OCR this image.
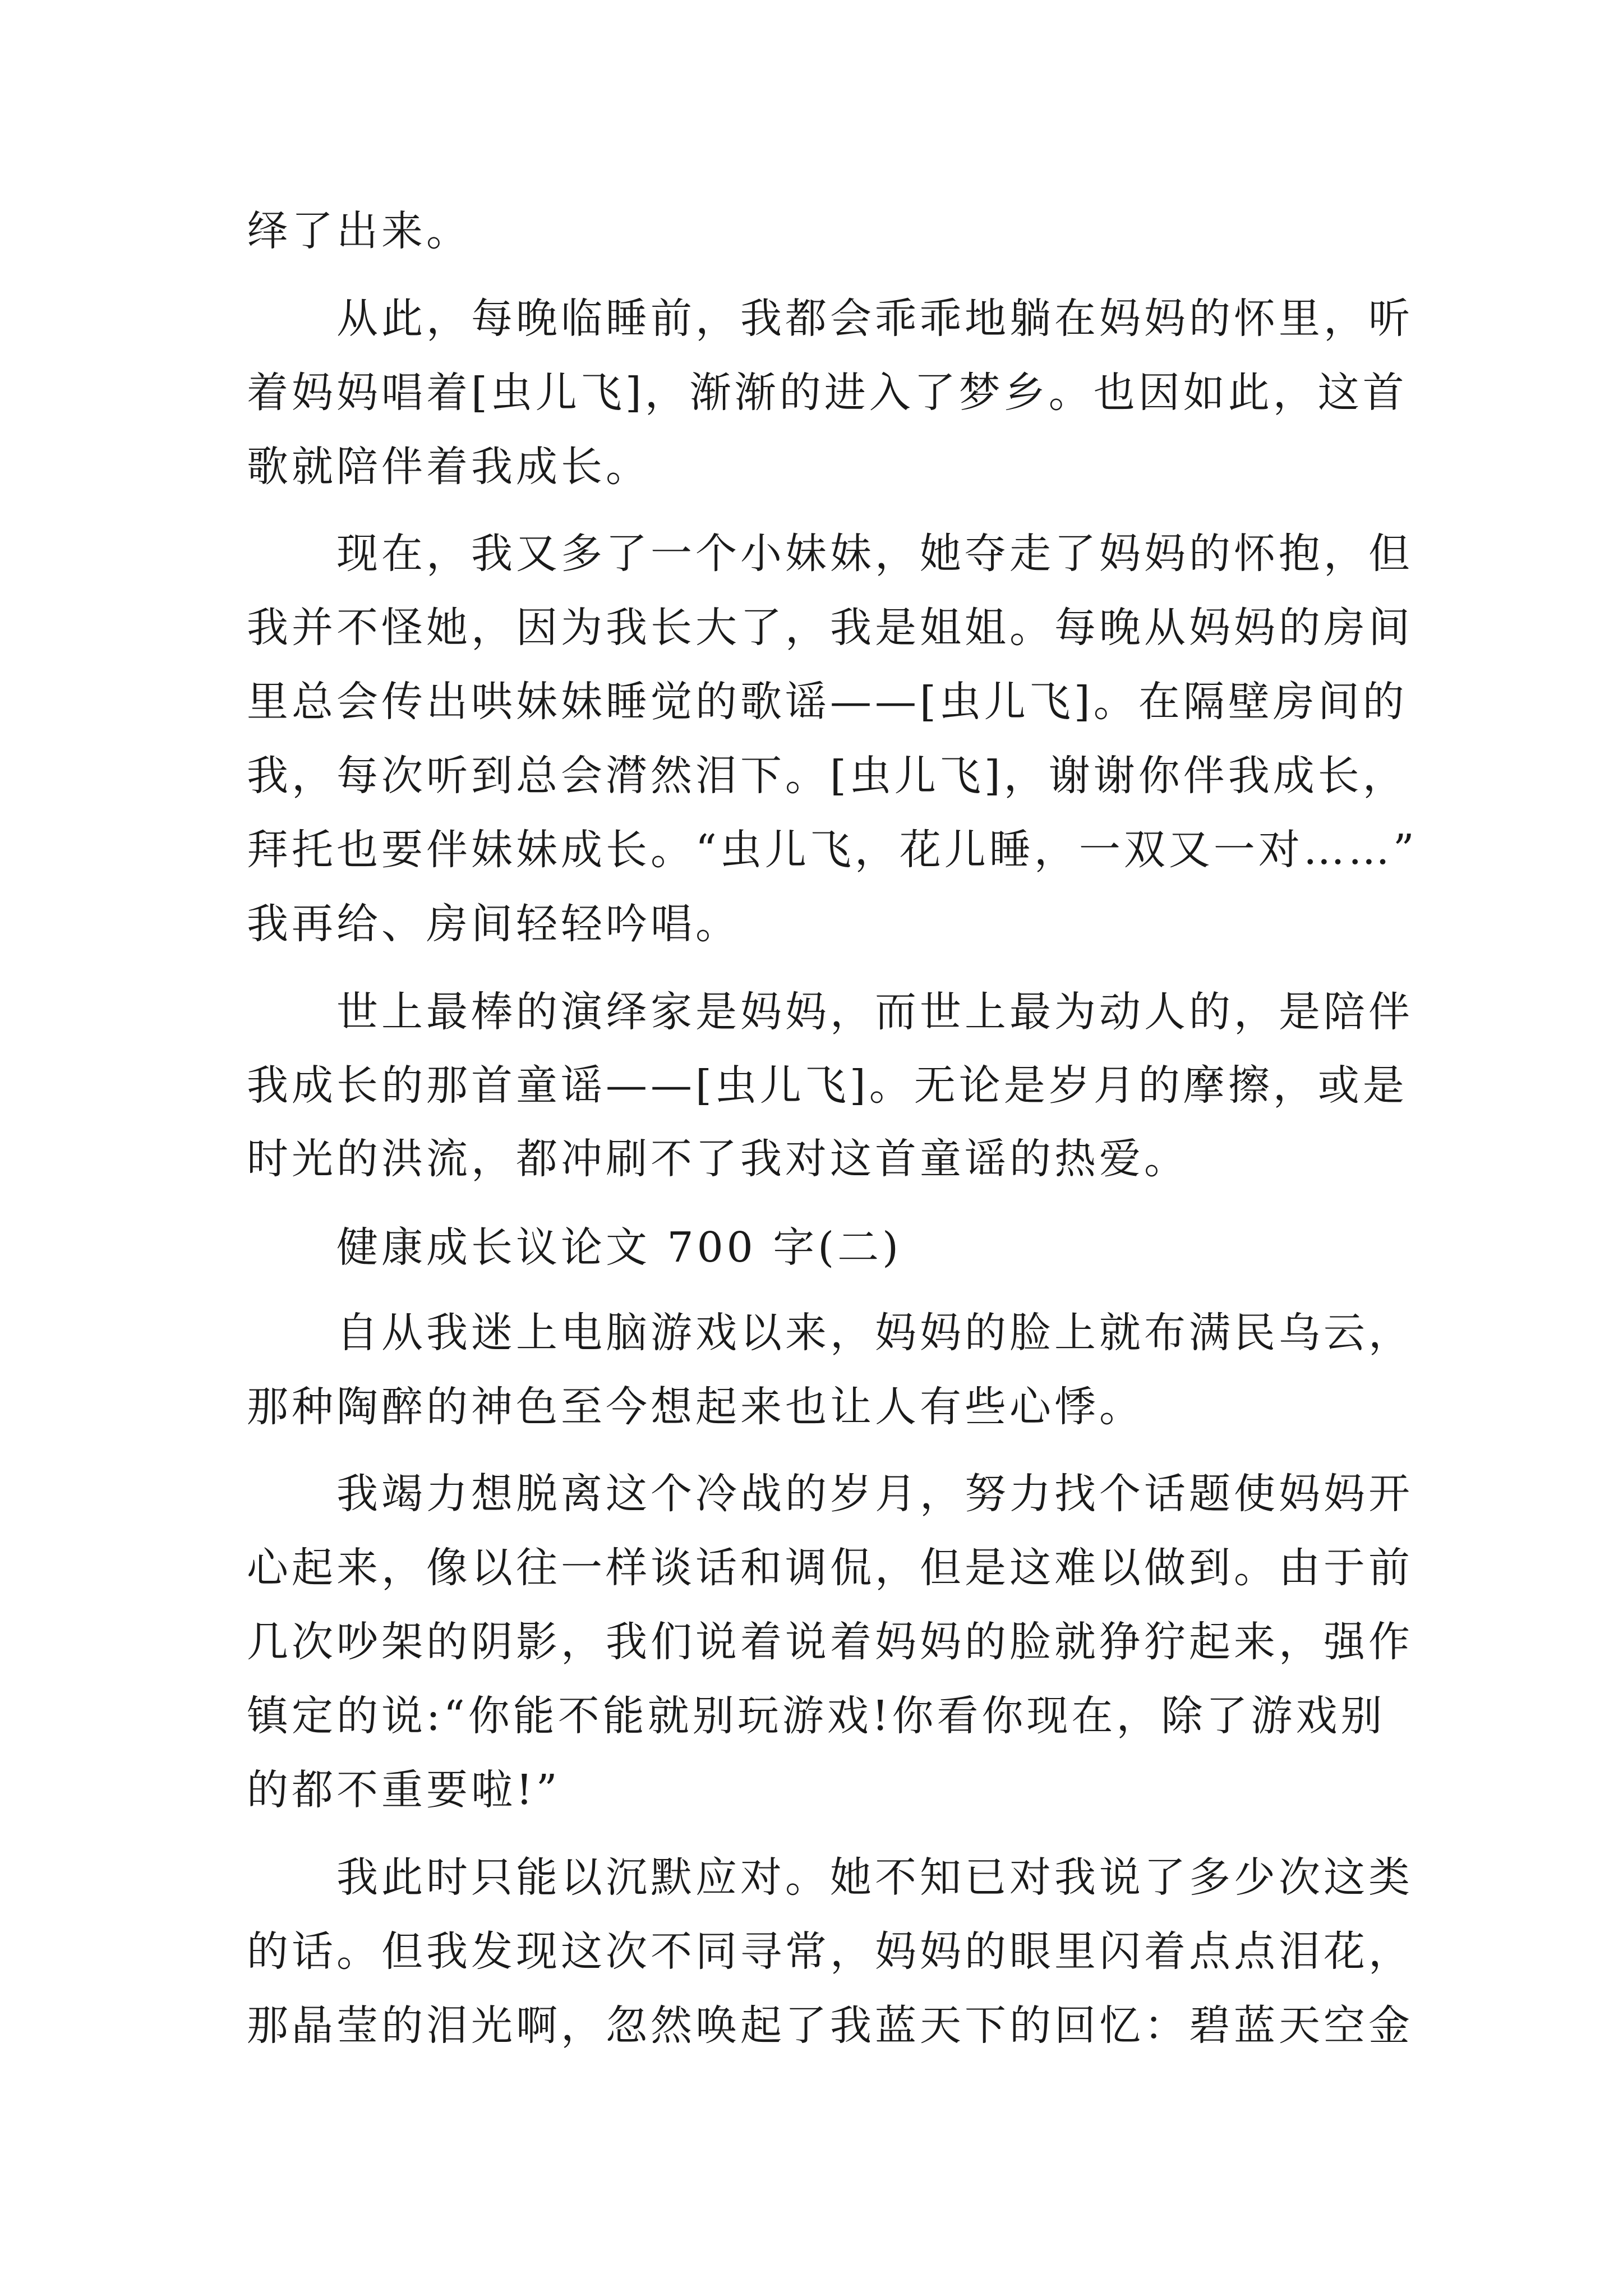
绎了出来。
从此，每晚临睡前，我都会乖乖地躺在妈妈的怀里，听
着妈妈唱着[虫儿飞]，渐渐的进入了梦乡。也因如此，这首
歌就陪伴着我成长。
现在，我又多了一个小妹妹，她夺走了妈妈的怀抱，但
我并不怪她，因为我长大了，我是姐姐。每晚从妈妈的房间
里总会传出哄妹妹睡觉的歌谣——[虫儿飞]。在隔壁房间的
我，每次听到总会潸然泪下。[虫儿飞]，谢谢你伴我成长，
拜托也要伴妹妹成长。“虫儿飞，花儿睡，一双又一对……”
我再给、房间轻轻吟唱。
世上最棒的演绎家是妈妈，而世上最为动人的，是陪伴
我成长的那首童谣——[虫儿飞]。无论是岁月的摩擦，或是
时光的洪流，都冲刷不了我对这首童谣的热爱。
健康成长议论文 700 字(二)
自从我迷上电脑游戏以来，妈妈的脸上就布满民乌云，
那种陶醉的神色至今想起来也让人有些心悸。
我竭力想脱离这个冷战的岁月，努力找个话题使妈妈开
心起来，像以往一样谈话和调侃，但是这难以做到。由于前
几次吵架的阴影，我们说着说着妈妈的脸就狰狞起来，强作
镇定的说:“你能不能就别玩游戏!你看你现在，除了游戏别
的都不重要啦!”
我此时只能以沉默应对。她不知已对我说了多少次这类
的话。但我发现这次不同寻常，妈妈的眼里闪着点点泪花，
那晶莹的泪光啊，忽然唤起了我蓝天下的回忆：碧蓝天空金
